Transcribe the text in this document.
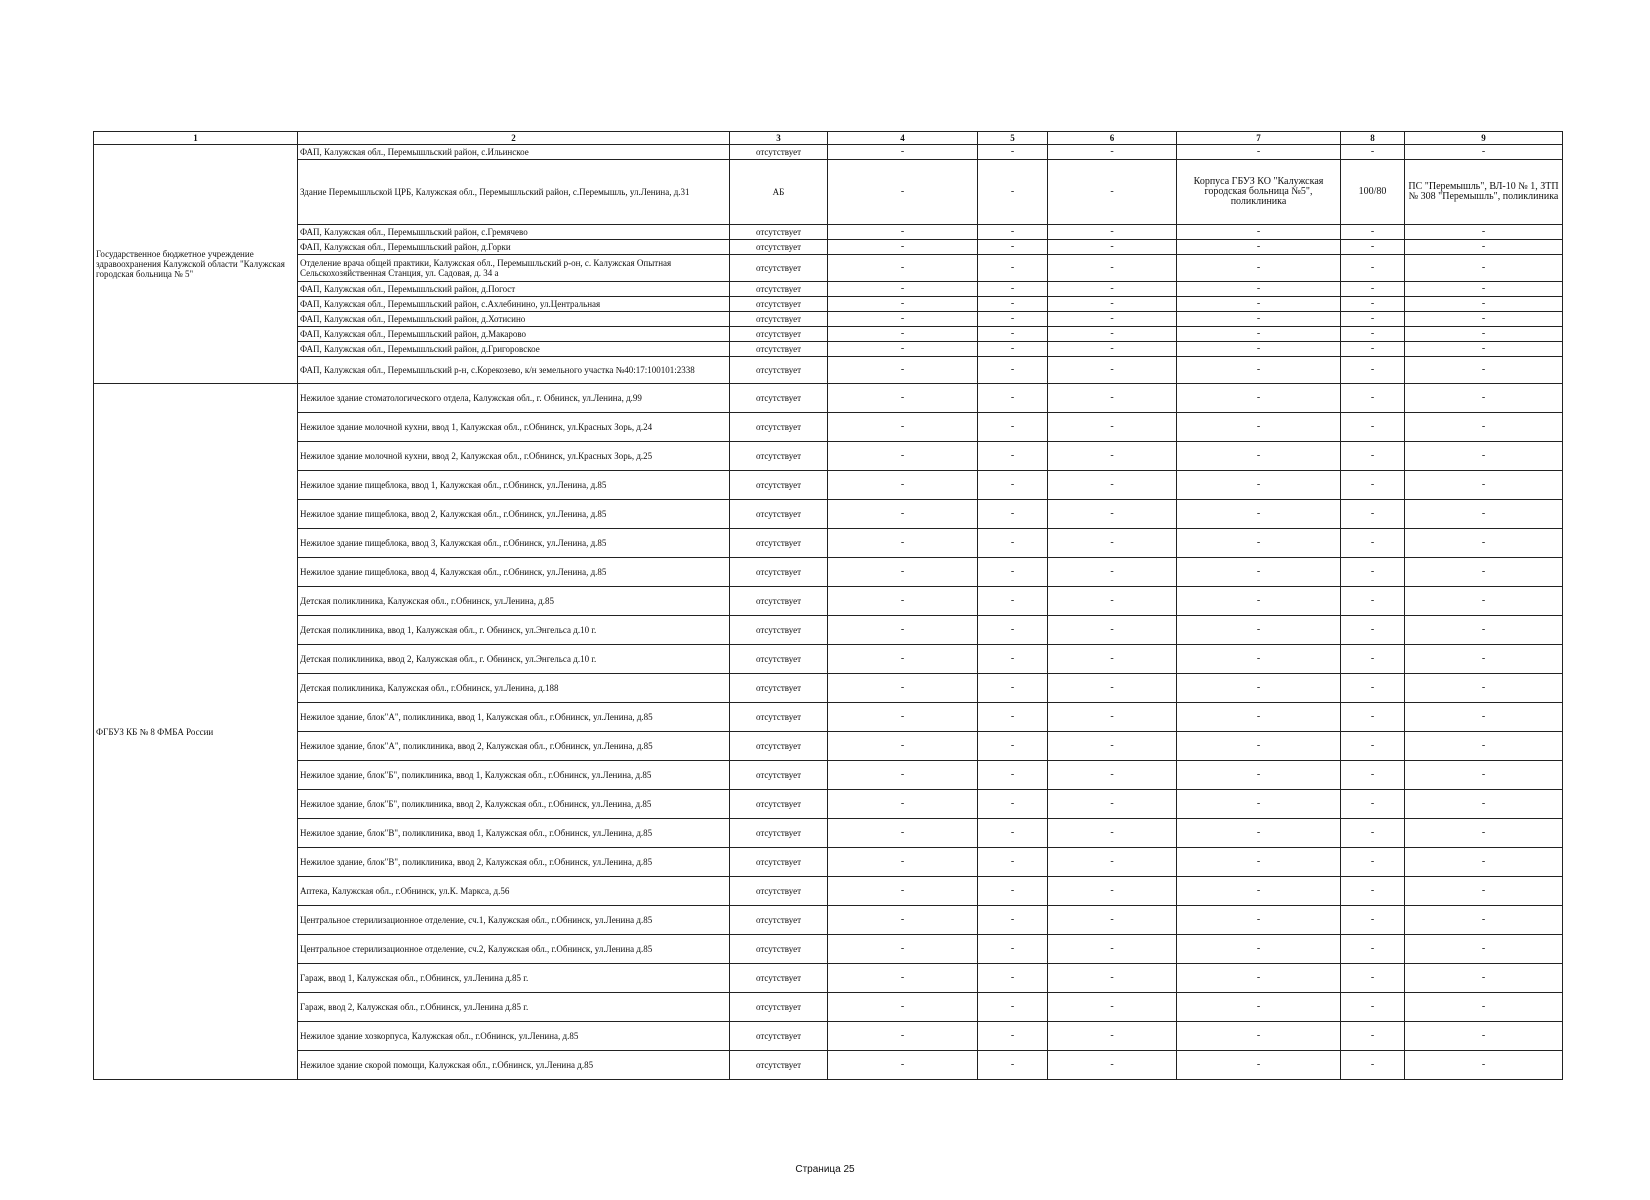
1	2	3	4	5	6	7	8	9
Государственное бюджетное учреждение здравоохранения Калужской области "Калужская городская больница № 5"	ФАП, Калужская обл., Перемышльский район, с.Ильинское	отсутствует	-	-	-	-	-	-
	Здание Перемышльской ЦРБ, Калужская обл., Перемышльский район, с.Перемышль, ул.Ленина, д.31	АБ	-	-	-	Корпуса ГБУЗ КО "Калужская городская больница №5", поликлиника	100/80	ПС "Перемышль", ВЛ-10 № 1, ЗТП № 308 "Перемышль", поликлиника
	ФАП, Калужская обл., Перемышльский район, с.Гремячево	отсутствует	-	-	-	-	-	-
	ФАП, Калужская обл., Перемышльский район, д.Горки	отсутствует	-	-	-	-	-	-
	Отделение врача общей практики, Калужская обл., Перемышльский р-он, с. Калужская Опытная Сельскохозяйственная Станция, ул. Садовая, д. 34 а	отсутствует	-	-	-	-	-	-
	ФАП, Калужская обл., Перемышльский район, д.Погост	отсутствует	-	-	-	-	-	-
	ФАП, Калужская обл., Перемышльский район, с.Ахлебинино, ул.Центральная	отсутствует	-	-	-	-	-	-
	ФАП, Калужская обл., Перемышльский район, д.Хотисино	отсутствует	-	-	-	-	-	-
	ФАП, Калужская обл., Перемышльский район, д.Макарово	отсутствует	-	-	-	-	-	-
	ФАП, Калужская обл., Перемышльский район, д.Григоровское	отсутствует	-	-	-	-	-	-
	ФАП, Калужская обл., Перемышльский р-н, с.Корекозево, к/н земельного участка №40:17:100101:2338	отсутствует	-	-	-	-	-	-
ФГБУЗ КБ № 8 ФМБА России	Нежилое здание стоматологического отдела, Калужская обл., г. Обнинск, ул.Ленина, д.99	отсутствует	-	-	-	-	-	-
	Нежилое здание молочной кухни, ввод 1, Калужская обл., г.Обнинск, ул.Красных Зорь, д.24	отсутствует	-	-	-	-	-	-
	Нежилое здание молочной кухни, ввод 2, Калужская обл., г.Обнинск, ул.Красных Зорь, д.25	отсутствует	-	-	-	-	-	-
	Нежилое здание пищеблока, ввод 1, Калужская обл., г.Обнинск, ул.Ленина, д.85	отсутствует	-	-	-	-	-	-
	Нежилое здание пищеблока, ввод 2, Калужская обл., г.Обнинск, ул.Ленина, д.85	отсутствует	-	-	-	-	-	-
	Нежилое здание пищеблока, ввод 3, Калужская обл., г.Обнинск, ул.Ленина, д.85	отсутствует	-	-	-	-	-	-
	Нежилое здание пищеблока, ввод 4, Калужская обл., г.Обнинск, ул.Ленина, д.85	отсутствует	-	-	-	-	-	-
	Детская поликлиника, Калужская обл., г.Обнинск, ул.Ленина, д.85	отсутствует	-	-	-	-	-	-
	Детская поликлиника, ввод 1, Калужская обл., г. Обнинск, ул.Энгельса д.10 г.	отсутствует	-	-	-	-	-	-
	Детская поликлиника, ввод 2, Калужская обл., г. Обнинск, ул.Энгельса д.10 г.	отсутствует	-	-	-	-	-	-
	Детская поликлиника, Калужская обл., г.Обнинск, ул.Ленина, д.188	отсутствует	-	-	-	-	-	-
	Нежилое здание, блок"А", поликлиника, ввод 1, Калужская обл., г.Обнинск, ул.Ленина, д.85	отсутствует	-	-	-	-	-	-
	Нежилое здание, блок"А", поликлиника, ввод 2, Калужская обл., г.Обнинск, ул.Ленина, д.85	отсутствует	-	-	-	-	-	-
	Нежилое здание, блок"Б", поликлиника, ввод 1, Калужская обл., г.Обнинск, ул.Ленина, д.85	отсутствует	-	-	-	-	-	-
	Нежилое здание, блок"Б", поликлиника, ввод 2, Калужская обл., г.Обнинск, ул.Ленина, д.85	отсутствует	-	-	-	-	-	-
	Нежилое здание, блок"В", поликлиника, ввод 1, Калужская обл., г.Обнинск, ул.Ленина, д.85	отсутствует	-	-	-	-	-	-
	Нежилое здание, блок"В", поликлиника, ввод 2, Калужская обл., г.Обнинск, ул.Ленина, д.85	отсутствует	-	-	-	-	-	-
	Аптека, Калужская обл., г.Обнинск, ул.К. Маркса, д.56	отсутствует	-	-	-	-	-	-
	Центральное стерилизационное отделение, сч.1, Калужская обл., г.Обнинск, ул.Ленина д.85	отсутствует	-	-	-	-	-	-
	Центральное стерилизационное отделение, сч.2, Калужская обл., г.Обнинск, ул.Ленина д.85	отсутствует	-	-	-	-	-	-
	Гараж, ввод 1, Калужская обл., г.Обнинск, ул.Ленина д.85 г.	отсутствует	-	-	-	-	-	-
	Гараж, ввод 2, Калужская обл., г.Обнинск, ул.Ленина д.85 г.	отсутствует	-	-	-	-	-	-
	Нежилое здание хозкорпуса, Калужская обл., г.Обнинск, ул.Ленина, д.85	отсутствует	-	-	-	-	-	-
	Нежилое здание скорой помощи, Калужская обл., г.Обнинск, ул.Ленина д.85	отсутствует	-	-	-	-	-	-
Страница 25
